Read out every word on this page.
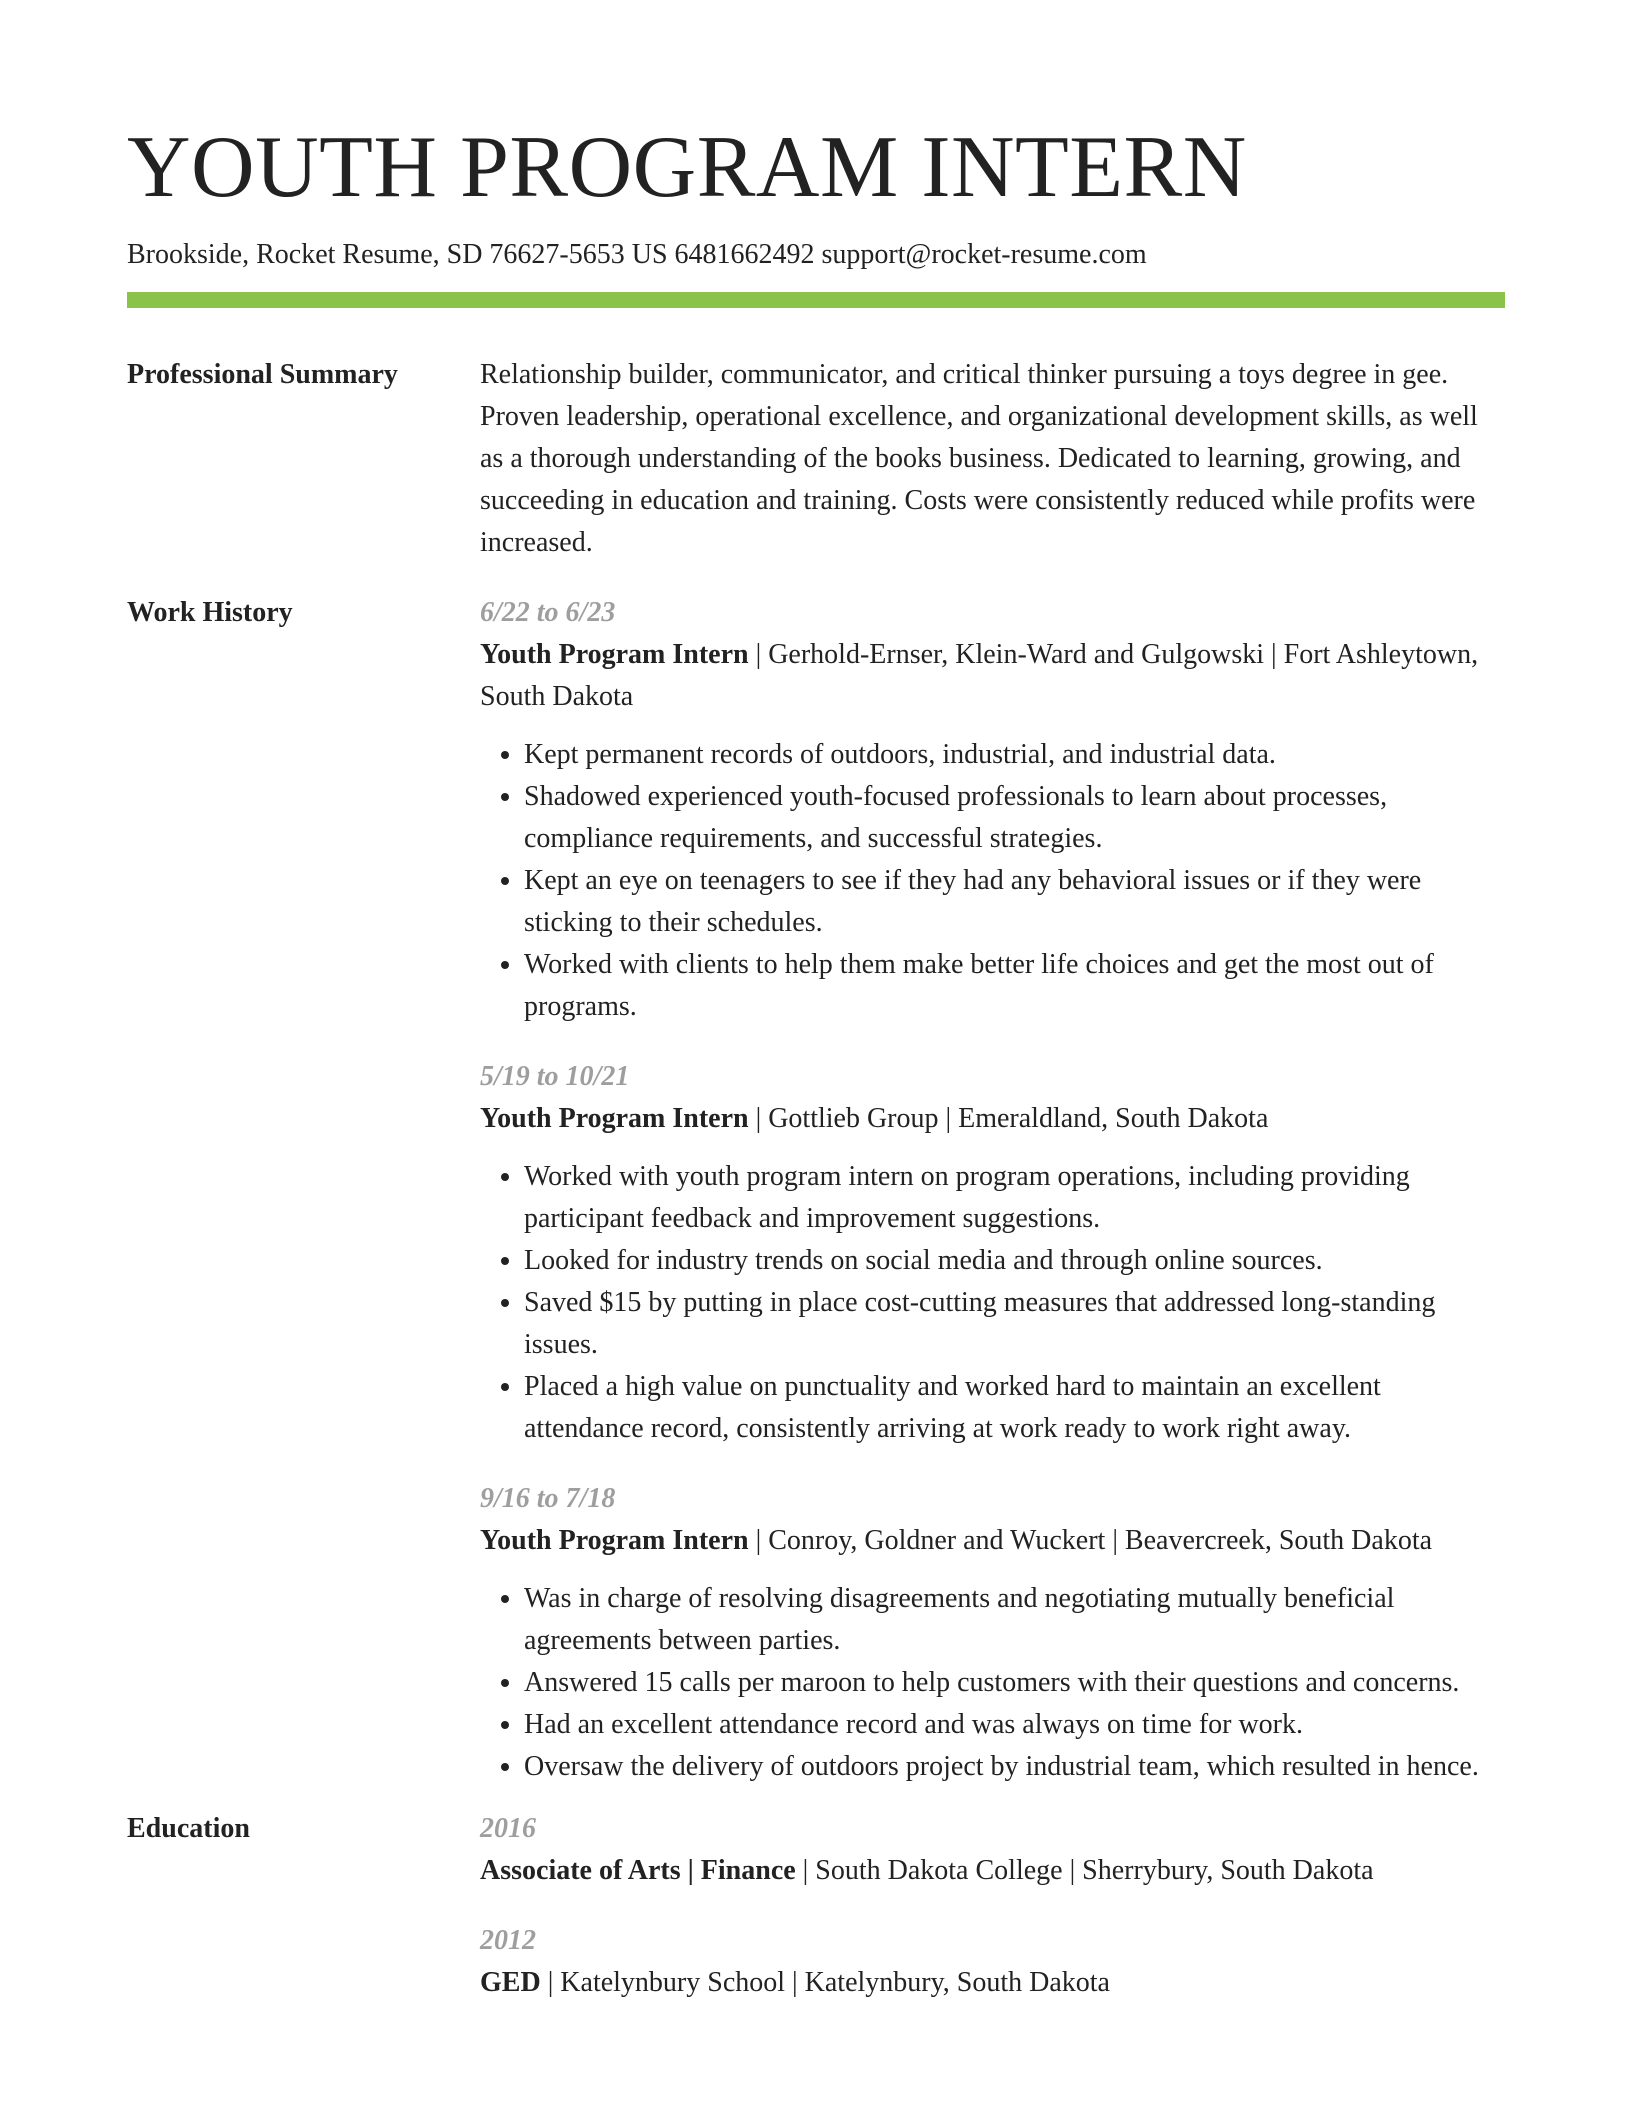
YOUTH PROGRAM INTERN
Brookside, Rocket Resume, SD 76627-5653 US 6481662492 support@rocket-resume.com
Professional Summary	Relationship builder, communicator, and critical thinker pursuing a toys degree in gee. Proven leadership, operational excellence, and organizational development skills, as well as a thorough understanding of the books business. Dedicated to learning, growing, and succeeding in education and training. Costs were consistently reduced while profits were increased.

Work History	6/22 to 6/23
Youth Program Intern | Gerhold-Ernser, Klein-Ward and Gulgowski | Fort Ashleytown, South Dakota
• Kept permanent records of outdoors, industrial, and industrial data.
• Shadowed experienced youth-focused professionals to learn about processes, compliance requirements, and successful strategies.
• Kept an eye on teenagers to see if they had any behavioral issues or if they were sticking to their schedules.
• Worked with clients to help them make better life choices and get the most out of programs.
5/19 to 10/21
Youth Program Intern | Gottlieb Group | Emeraldland, South Dakota
• Worked with youth program intern on program operations, including providing participant feedback and improvement suggestions.
• Looked for industry trends on social media and through online sources.
• Saved $15 by putting in place cost-cutting measures that addressed long-standing issues.
• Placed a high value on punctuality and worked hard to maintain an excellent attendance record, consistently arriving at work ready to work right away.
9/16 to 7/18
Youth Program Intern | Conroy, Goldner and Wuckert | Beavercreek, South Dakota
• Was in charge of resolving disagreements and negotiating mutually beneficial agreements between parties.
• Answered 15 calls per maroon to help customers with their questions and concerns.
• Had an excellent attendance record and was always on time for work.
• Oversaw the delivery of outdoors project by industrial team, which resulted in hence.
Education	2016
Associate of Arts | Finance | South Dakota College | Sherrybury, South Dakota
2012
GED | Katelynbury School | Katelynbury, South Dakota
